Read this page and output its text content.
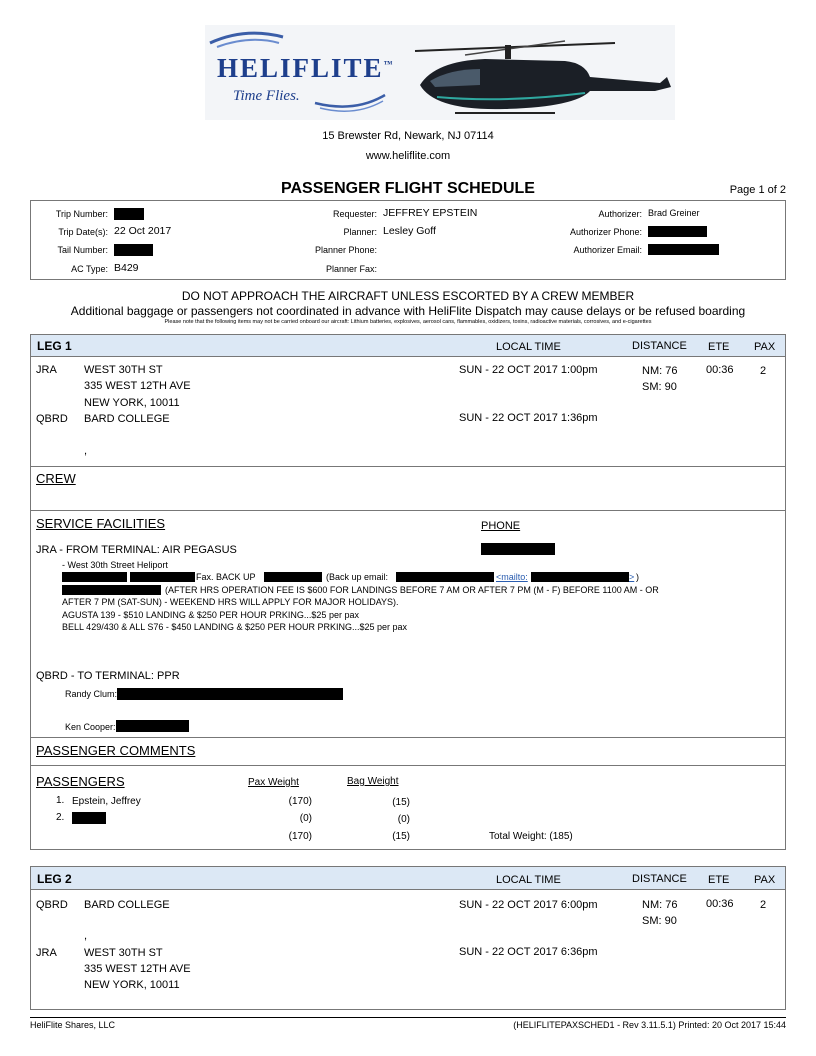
HELIFLITE™
Time Flies.
15 Brewster Rd, Newark, NJ 07114
www.heliflite.com
PASSENGER FLIGHT SCHEDULE	Page 1 of 2
Trip Number:
Trip Date(s): 22 Oct 2017
Tail Number:
AC Type: B429
Requester: JEFFREY EPSTEIN
Planner: Lesley Goff
Planner Phone:
Planner Fax:
Authorizer: Brad Greiner
Authorizer Phone:
Authorizer Email:
DO NOT APPROACH THE AIRCRAFT UNLESS ESCORTED BY A CREW MEMBER
Additional baggage or passengers not coordinated in advance with HeliFlite Dispatch may cause delays or be refused boarding
Please note that the following items may not be carried onboard our aircraft: Lithium batteries, explosives, aerosol cans, flammables, oxidizers, toxins, radioactive materials, corrosives, and e-cigarettes
LEG 1	LOCAL TIME	DISTANCE ETE PAX
JRA WEST 30TH ST
335 WEST 12TH AVE
NEW YORK, 10011
SUN - 22 OCT 2017 1:00pm	NM: 76
SM: 90
00:36 2
QBRD BARD COLLEGE
,
SUN - 22 OCT 2017 1:36pm
CREW
SERVICE FACILITIES	PHONE
JRA - FROM TERMINAL: AIR PEGASUS
- West 30th Street Heliport
Fax. BACK UP	(Back up email:	<mailto:	> )
(AFTER HRS OPERATION FEE IS $600 FOR LANDINGS BEFORE 7 AM OR AFTER 7 PM (M - F) BEFORE 1100 AM - OR
AFTER 7 PM (SAT-SUN) - WEEKEND HRS WILL APPLY FOR MAJOR HOLIDAYS).
AGUSTA 139 - $510 LANDING & $250 PER HOUR PRKING...$25 per pax
BELL 429/430 & ALL S76 - $450 LANDING & $250 PER HOUR PRKING...$25 per pax
QBRD - TO TERMINAL: PPR
Randy Clum:
Ken Cooper:
PASSENGER COMMENTS
PASSENGERS	Pax Weight	Bag Weight
1. Epstein, Jeffrey	(170)	(15)
2.	(0)	(0)
(170)	(15)	Total Weight: (185)
LEG 2	LOCAL TIME	DISTANCE ETE PAX
QBRD BARD COLLEGE
,
SUN - 22 OCT 2017 6:00pm	NM: 76
SM: 90
00:36 2
JRA WEST 30TH ST
335 WEST 12TH AVE
NEW YORK, 10011
SUN - 22 OCT 2017 6:36pm
HeliFlite Shares, LLC	(HELIFLITEPAXSCHED1 - Rev 3.11.5.1) Printed: 20 Oct 2017 15:44
